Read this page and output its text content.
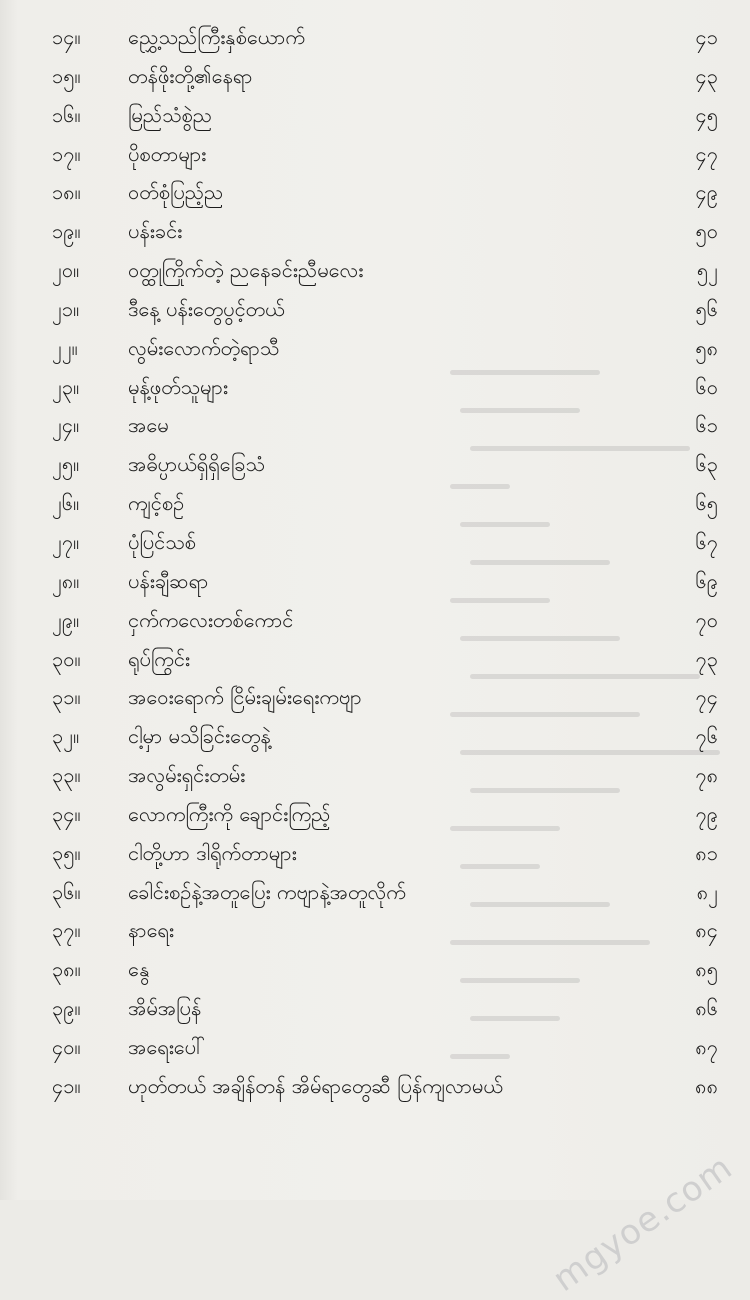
၁၄။	ညွှေ့သည်ကြီးနှစ်ယောက်	၄၁
၁၅။	တန်ဖိုးတို့၏နေရာ	၄၃
၁၆။	မြည်သံစွဲည	၄၅
၁၇။	ပိုစတာများ	၄၇
၁၈။	ဝတ်စုံပြည့်ည	၄၉
၁၉။	ပန်းခင်း	၅၀
၂၀။	ဝတ္ထုကြိုက်တဲ့ ညနေခင်းညီမလေး	၅၂
၂၁။	ဒီနေ့ ပန်းတွေပွင့်တယ်	၅၆
၂၂။	လွမ်းလောက်တဲ့ရာသီ	၅၈
၂၃။	မုန့်ဖုတ်သူများ	၆၀
၂၄။	အမေ	၆၁
၂၅။	အဓိပ္ပာယ်ရှိရှိခြေသံ	၆၃
၂၆။	ကျင့်စဉ်	၆၅
၂၇။	ပုံပြင်သစ်	၆၇
၂၈။	ပန်းချီဆရာ	၆၉
၂၉။	ငှက်ကလေးတစ်ကောင်	၇၀
၃၀။	ရုပ်ကြွင်း	၇၃
၃၁။	အဝေးရောက် ငြိမ်းချမ်းရေးကဗျာ	၇၄
၃၂။	ငါ့မှာ မသိခြင်းတွေနဲ့	၇၆
၃၃။	အလွမ်းရှင်းတမ်း	၇၈
၃၄။	လောကကြီးကို ချောင်းကြည့်	၇၉
၃၅။	ငါတို့ဟာ ဒါရိုက်တာများ	၈၁
၃၆။	ခေါင်းစဉ်နဲ့အတူပြေး ကဗျာနဲ့အတူလိုက်	၈၂
၃၇။	နာရေး	၈၄
၃၈။	နွေ	၈၅
၃၉။	အိမ်အပြန်	၈၆
၄၀။	အရေးပေါ်	၈၇
၄၁။	ဟုတ်တယ် အချိန်တန် အိမ်ရာတွေဆီ ပြန်ကျလာမယ်	၈၈
mgyoe.com
